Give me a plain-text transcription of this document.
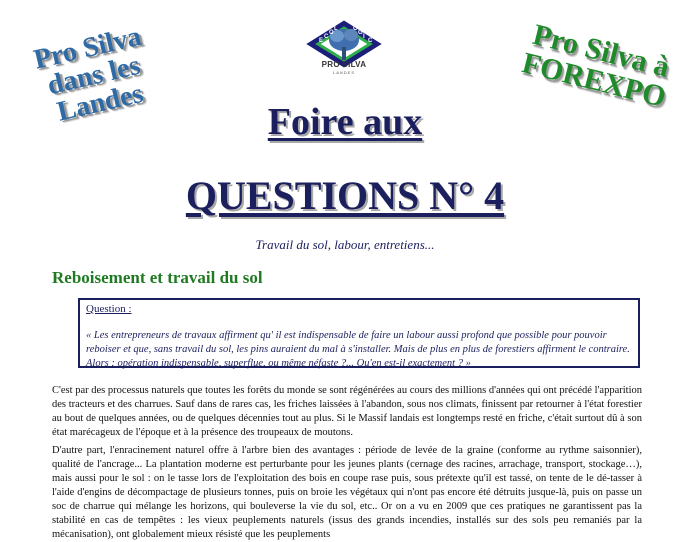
Pro Silva dans les Landes
Pro Silva à FOREXPO
E
C
O
L	O
G
I
C
PRO SILVA
LANDES
Foire aux
QUESTIONS N° 4
Travail du sol, labour, entretiens...
Reboisement et travail du sol
Question :
« Les entrepreneurs de travaux affirment qu' il est indispensable de faire un labour aussi profond que possible pour pouvoir reboiser et que, sans travail du sol, les pins auraient du mal à s'installer. Mais de plus en plus de forestiers affirment le contraire. Alors : opération indispensable, superflue, ou même néfaste ?... Qu'en est-il exactement ? »

C'est par des processus naturels que toutes les forêts du monde se sont régénérées au cours des millions d'années qui ont précédé l'apparition des tracteurs et des charrues. Sauf dans de rares cas, les friches laissées à l'abandon, sous nos climats, finissent par retourner à l'état forestier au bout de quelques années, ou de quelques décennies tout au plus. Si le Massif landais est longtemps resté en friche, c'était surtout dû à son état marécageux de l'époque et à la présence des troupeaux de moutons.

D'autre part, l'enracinement naturel offre à l'arbre bien des avantages : période de levée de la graine (conforme au rythme saisonnier), qualité de l'ancrage... La plantation moderne est perturbante pour les jeunes plants (cernage des racines, arrachage, transport, stockage…), mais aussi pour le sol : on le tasse lors de l'exploitation des bois en coupe rase puis, sous prétexte qu'il est tassé, on tente de le dé-tasser à l'aide d'engins de décompactage de plusieurs tonnes, puis on broie les végétaux qui n'ont pas encore été détruits jusque-là, puis on passe un soc de charrue qui mélange les horizons, qui bouleverse la vie du sol, etc.. Or on a vu en 2009 que ces pratiques ne garantissent pas la stabilité en cas de tempêtes : les vieux peuplements naturels (issus des grands incendies, installés sur des sols peu remaniés par la mécanisation), ont globalement mieux résisté que les peuplements
